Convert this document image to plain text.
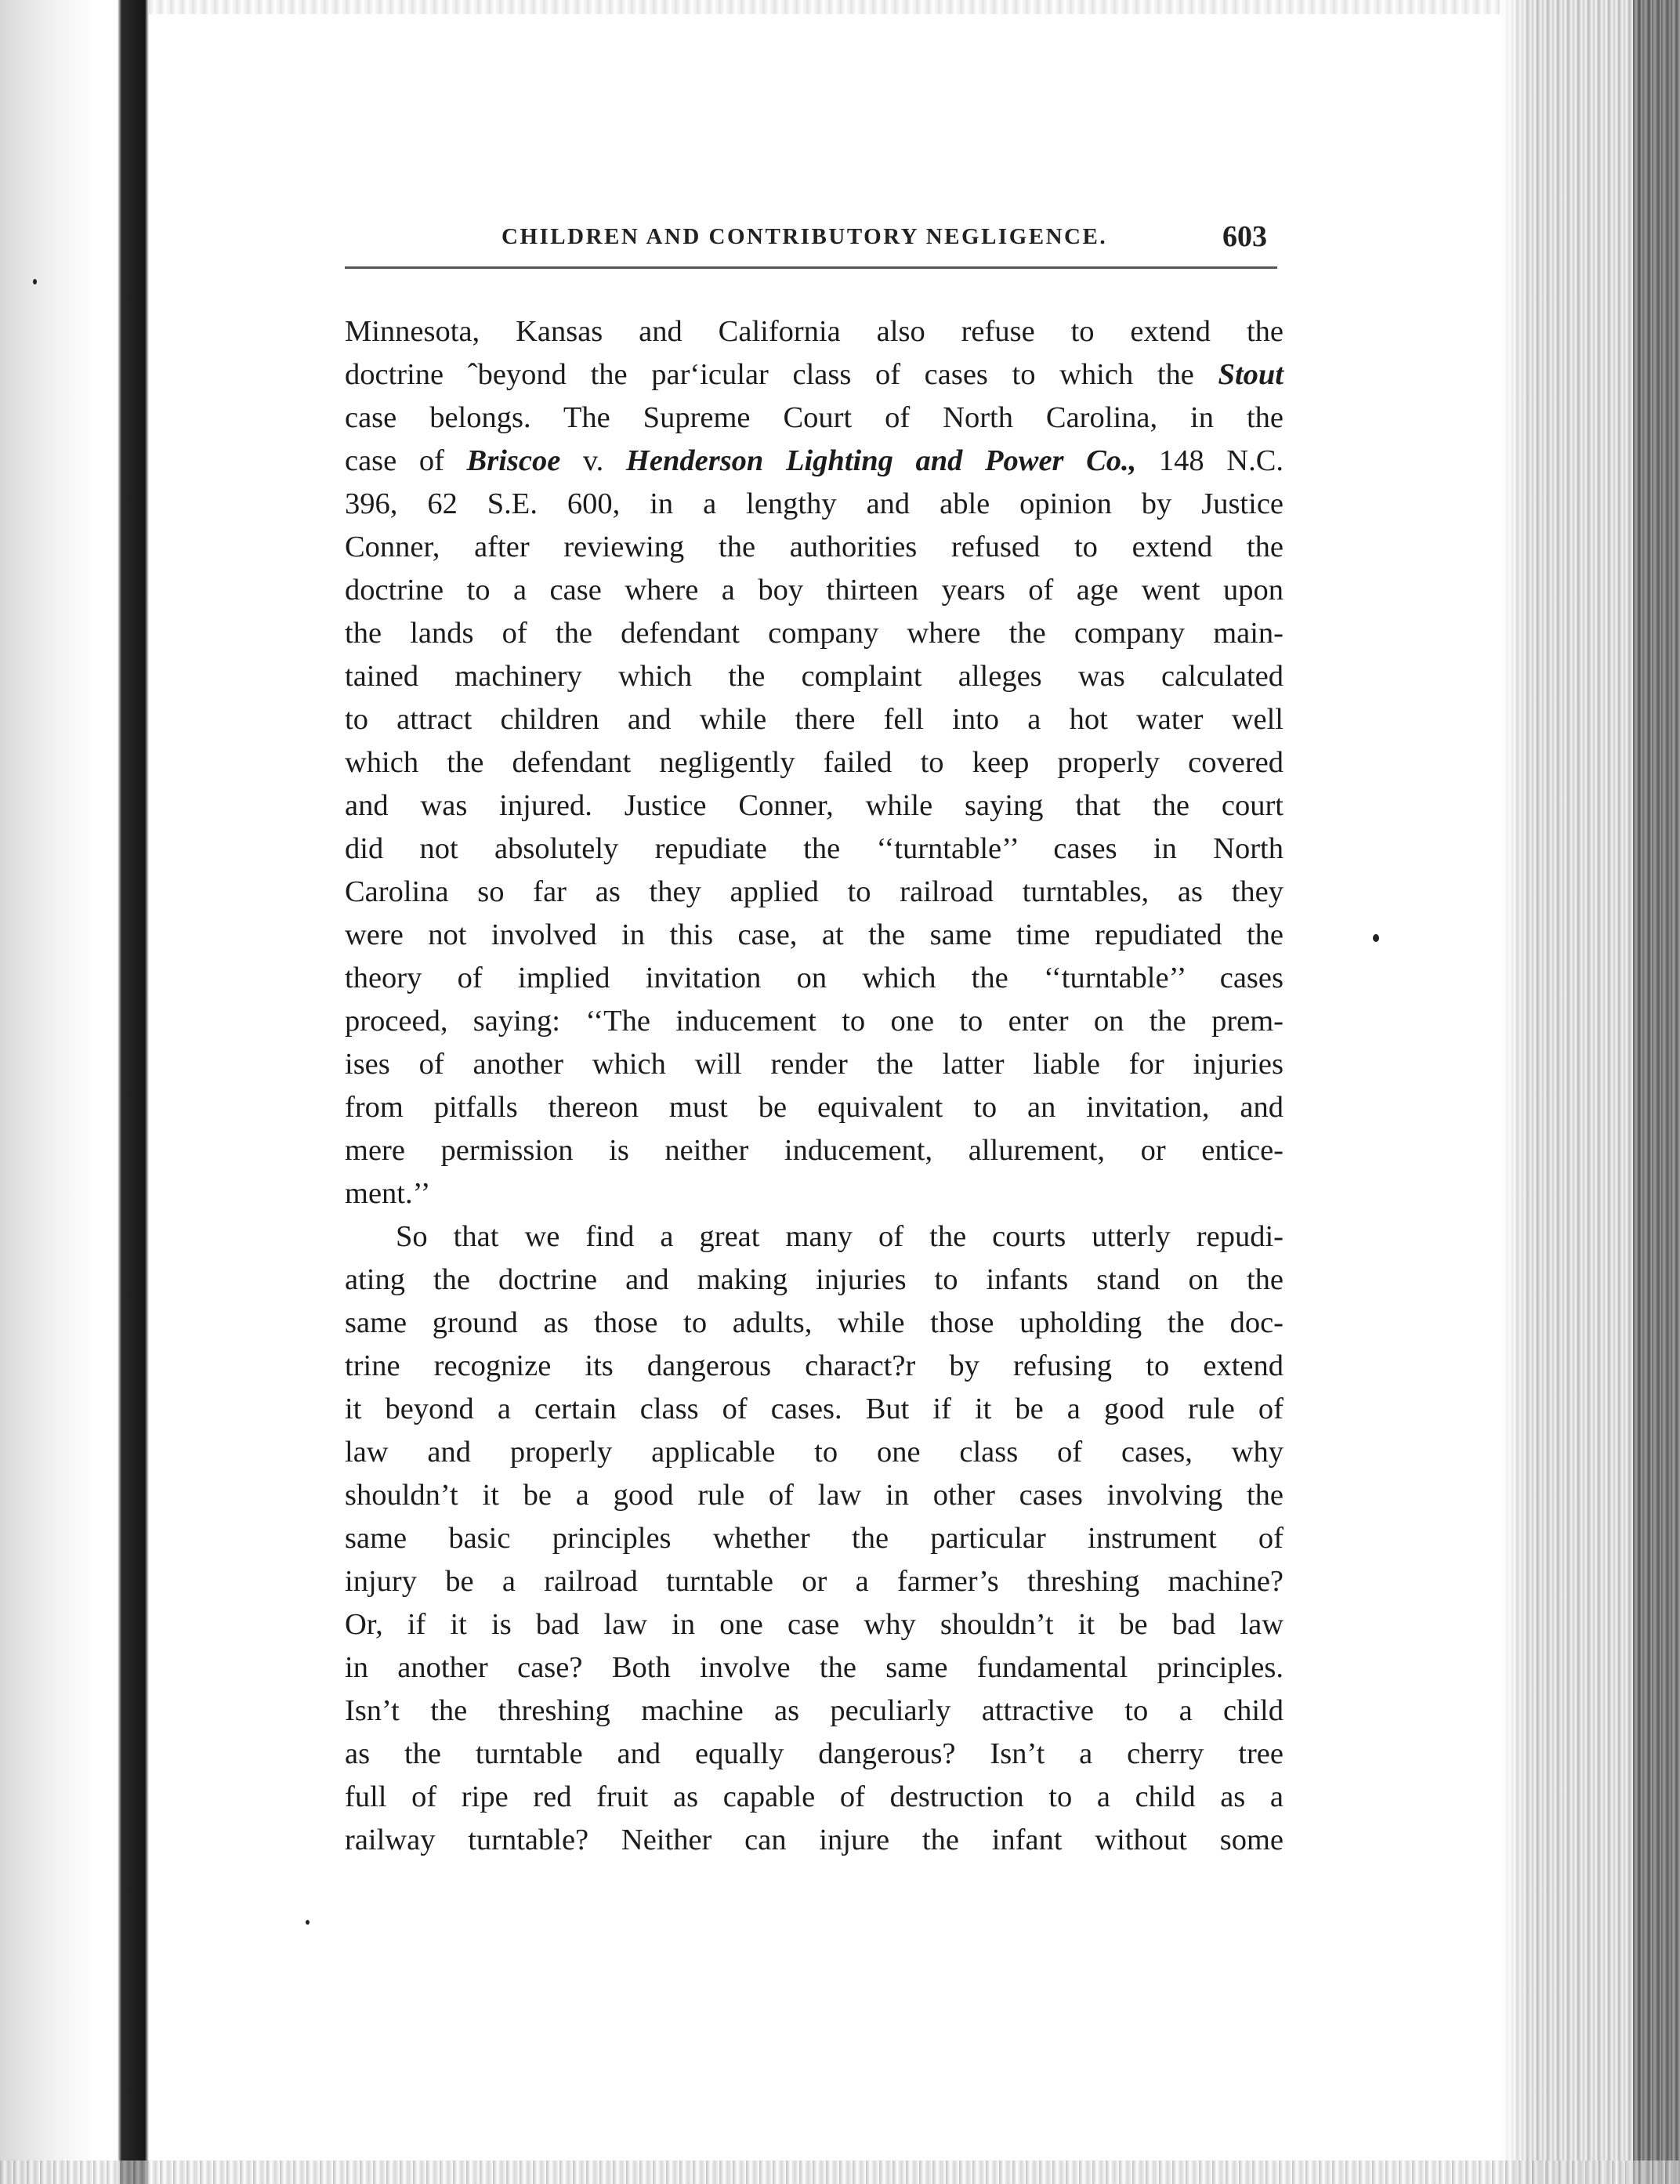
CHILDREN AND CONTRIBUTORY NEGLIGENCE.	603
Minnesota, Kansas and California also refuse to extend the
doctrine ˆbeyond the par‘icular class of cases to which the Stout
case belongs. The Supreme Court of North Carolina, in the
case of Briscoe v. Henderson Lighting and Power Co., 148 N.C.
396, 62 S.E. 600, in a lengthy and able opinion by Justice
Conner, after reviewing the authorities refused to extend the
doctrine to a case where a boy thirteen years of age went upon
the lands of the defendant company where the company main-
tained machinery which the complaint alleges was calculated
to attract children and while there fell into a hot water well
which the defendant negligently failed to keep properly covered
and was injured. Justice Conner, while saying that the court
did not absolutely repudiate the ‘‘turntable’’ cases in North
Carolina so far as they applied to railroad turntables, as they
were not involved in this case, at the same time repudiated the
theory of implied invitation on which the ‘‘turntable’’ cases
proceed, saying: ‘‘The inducement to one to enter on the prem-
ises of another which will render the latter liable for injuries
from pitfalls thereon must be equivalent to an invitation, and
mere permission is neither inducement, allurement, or entice-
ment.’’
So that we find a great many of the courts utterly repudi-
ating the doctrine and making injuries to infants stand on the
same ground as those to adults, while those upholding the doc-
trine recognize its dangerous charact?r by refusing to extend
it beyond a certain class of cases. But if it be a good rule of
law and properly applicable to one class of cases, why
shouldn’t it be a good rule of law in other cases involving the
same basic principles whether the particular instrument of
injury be a railroad turntable or a farmer’s threshing machine?
Or, if it is bad law in one case why shouldn’t it be bad law
in another case? Both involve the same fundamental principles.
Isn’t the threshing machine as peculiarly attractive to a child
as the turntable and equally dangerous? Isn’t a cherry tree
full of ripe red fruit as capable of destruction to a child as a
railway turntable? Neither can injure the infant without some
